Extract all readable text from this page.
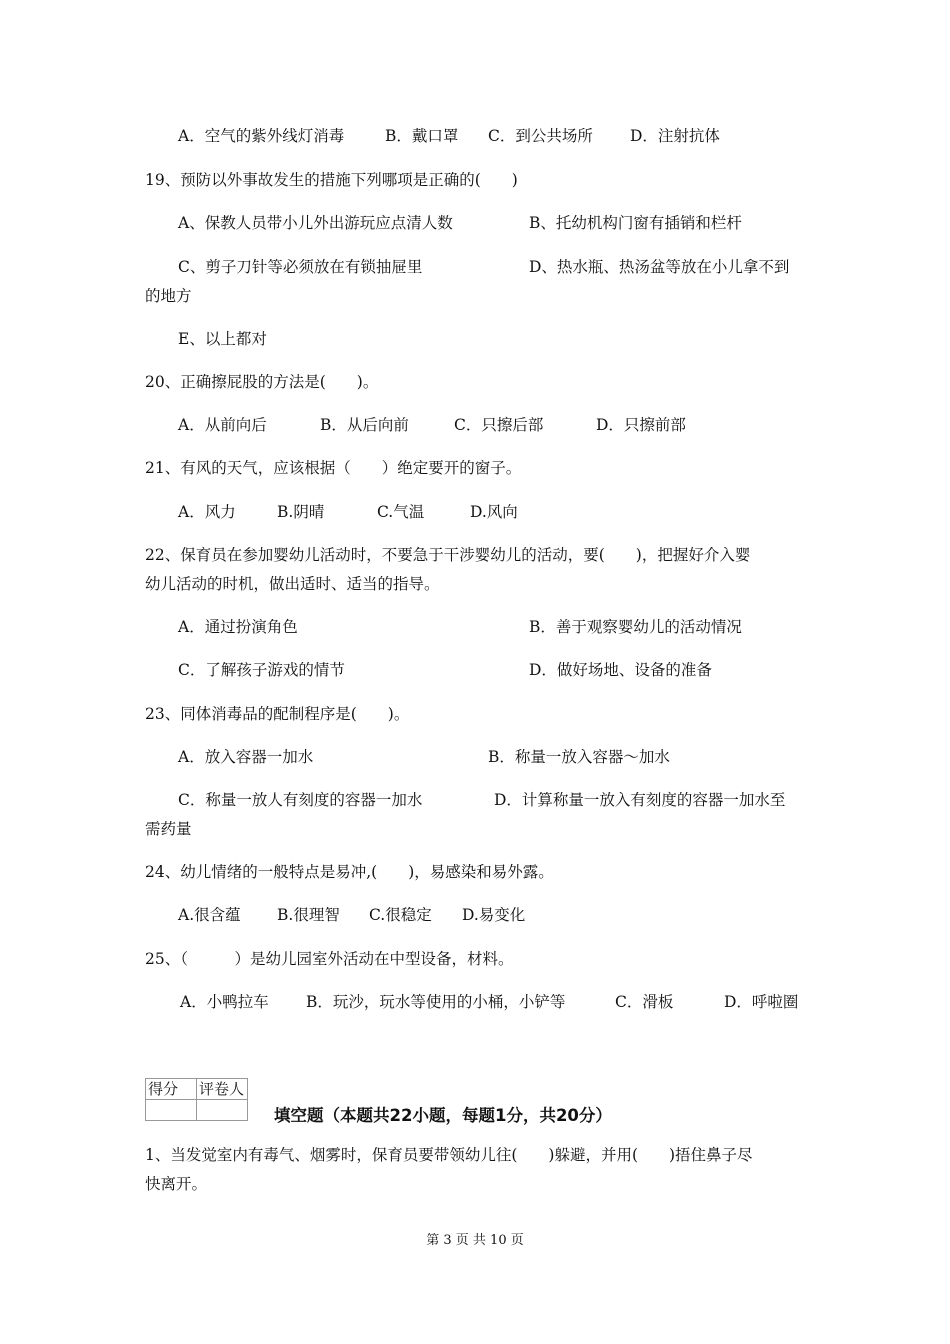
A．空气的紫外线灯消毒	B．戴口罩 C．到公共场所 D．注射抗体
19、预防以外事故发生的措施下列哪项是正确的(　　)
A、保教人员带小儿外出游玩应点清人数	B、托幼机构门窗有插销和栏杆
C、剪子刀针等必须放在有锁抽屉里	D、热水瓶、热汤盆等放在小儿拿不到
的地方
E、以上都对
20、正确擦屁股的方法是(　　)。
A．从前向后	B．从后向前	C．只擦后部	D．只擦前部
21、有风的天气，应该根据（　　）绝定要开的窗子。
A．风力	B.阴晴	C.气温	D.风向
22、保育员在参加婴幼儿活动时，不要急于干涉婴幼儿的活动，要(　　)，把握好介入婴
幼儿活动的时机，做出适时、适当的指导。
A．通过扮演角色	B．善于观察婴幼儿的活动情况
C．了解孩子游戏的情节	D．做好场地、设备的准备
23、同体消毒品的配制程序是(　　)。
A．放入容器一加水	B．称量一放入容器～加水
C．称量一放人有刻度的容器一加水	D．计算称量一放入有刻度的容器一加水至
需药量
24、幼儿情绪的一般特点是易冲,(　　)，易感染和易外露。
A.很含蕴 B.很理智 C.很稳定 D.易变化
25、（　　　）是幼儿园室外活动在中型设备，材料。
A．小鸭拉车 B．玩沙，玩水等使用的小桶，小铲等	C．滑板	D．呼啦圈
得分	评卷人

填空题（本题共22小题，每题1分，共20分）
1、当发觉室内有毒气、烟雾时，保育员要带领幼儿往(　　)躲避，并用(　　)捂住鼻子尽
快离开。
第 3 页 共 10 页
